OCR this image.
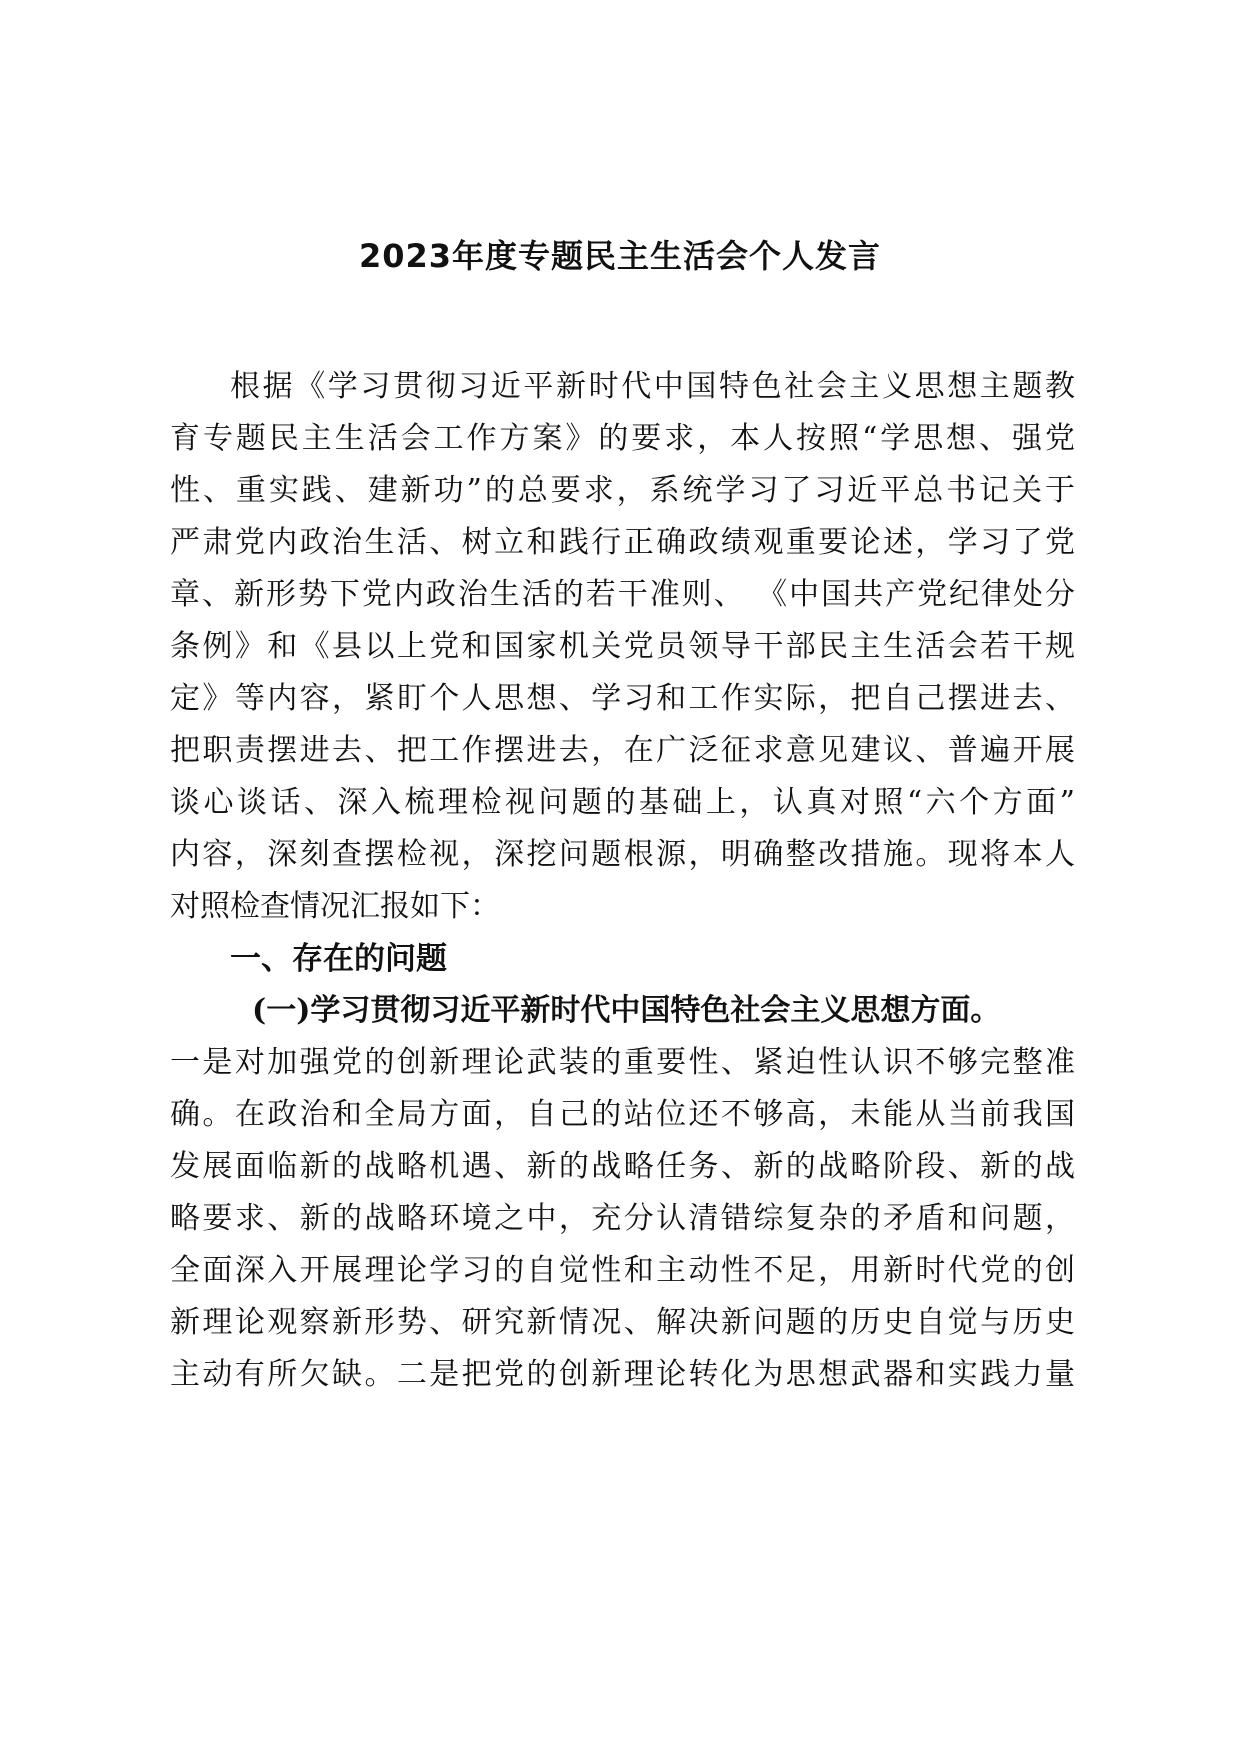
2023年度专题民主生活会个人发言
根据《学习贯彻习近平新时代中国特色社会主义思想主题教
育专题民主生活会工作方案》的要求，本人按照“学思想、强党
性、重实践、建新功”的总要求，系统学习了习近平总书记关于
严肃党内政治生活、树立和践行正确政绩观重要论述，学习了党
章、新形势下党内政治生活的若干准则、 《中国共产党纪律处分
条例》和《县以上党和国家机关党员领导干部民主生活会若干规
定》等内容，紧盯个人思想、学习和工作实际，把自己摆进去、
把职责摆进去、把工作摆进去，在广泛征求意见建议、普遍开展
谈心谈话、深入梳理检视问题的基础上，认真对照“六个方面”
内容，深刻查摆检视，深挖问题根源，明确整改措施。现将本人
对照检查情况汇报如下：
一、存在的问题
(一)学习贯彻习近平新时代中国特色社会主义思想方面。
一是对加强党的创新理论武装的重要性、紧迫性认识不够完整准
确。在政治和全局方面，自己的站位还不够高，未能从当前我国
发展面临新的战略机遇、新的战略任务、新的战略阶段、新的战
略要求、新的战略环境之中，充分认清错综复杂的矛盾和问题，
全面深入开展理论学习的自觉性和主动性不足，用新时代党的创
新理论观察新形势、研究新情况、解决新问题的历史自觉与历史
主动有所欠缺。二是把党的创新理论转化为思想武器和实践力量
